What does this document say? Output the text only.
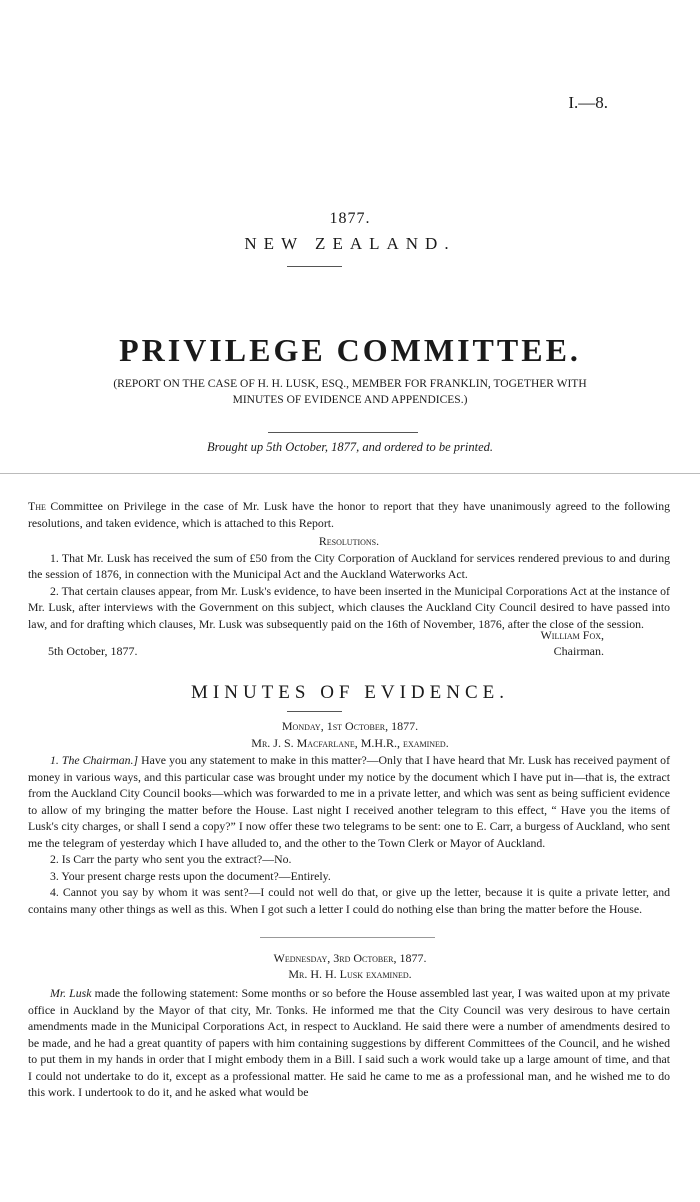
I.—8.
1877.
NEW ZEALAND.
PRIVILEGE COMMITTEE.
(REPORT ON THE CASE OF H. H. LUSK, ESQ., MEMBER FOR FRANKLIN, TOGETHER WITH
MINUTES OF EVIDENCE AND APPENDICES.)
Brought up 5th October, 1877, and ordered to be printed.

The Committee on Privilege in the case of Mr. Lusk have the honor to report that they have unanimously agreed to the following resolutions, and taken evidence, which is attached to this Report.

Resolutions.

1. That Mr. Lusk has received the sum of £50 from the City Corporation of Auckland for services rendered previous to and during the session of 1876, in connection with the Municipal Act and the Auckland Waterworks Act.

2. That certain clauses appear, from Mr. Lusk's evidence, to have been inserted in the Municipal Corporations Act at the instance of Mr. Lusk, after interviews with the Government on this subject, which clauses the Auckland City Council desired to have passed into law, and for drafting which clauses, Mr. Lusk was subsequently paid on the 16th of November, 1876, after the close of the session.

William Fox,
Chairman.
5th October, 1877.
MINUTES OF EVIDENCE.
Monday, 1st October, 1877.
Mr. J. S. Macfarlane, M.H.R., examined.

1. The Chairman.] Have you any statement to make in this matter?—Only that I have heard that Mr. Lusk has received payment of money in various ways, and this particular case was brought under my notice by the document which I have put in—that is, the extract from the Auckland City Council books—which was forwarded to me in a private letter, and which was sent as being sufficient evidence to allow of my bringing the matter before the House. Last night I received another telegram to this effect, “ Have you the items of Lusk's city charges, or shall I send a copy?” I now offer these two telegrams to be sent: one to E. Carr, a burgess of Auckland, who sent me the telegram of yesterday which I have alluded to, and the other to the Town Clerk or Mayor of Auckland.

2. Is Carr the party who sent you the extract?—No.

3. Your present charge rests upon the document?—Entirely.

4. Cannot you say by whom it was sent?—I could not well do that, or give up the letter, because it is quite a private letter, and contains many other things as well as this. When I got such a letter I could do nothing else than bring the matter before the House.

Wednesday, 3rd October, 1877.
Mr. H. H. Lusk examined.

Mr. Lusk made the following statement: Some months or so before the House assembled last year, I was waited upon at my private office in Auckland by the Mayor of that city, Mr. Tonks. He informed me that the City Council was very desirous to have certain amendments made in the Municipal Corporations Act, in respect to Auckland. He said there were a number of amendments desired to be made, and he had a great quantity of papers with him containing suggestions by different Committees of the Council, and he wished to put them in my hands in order that I might embody them in a Bill. I said such a work would take up a large amount of time, and that I could not undertake to do it, except as a professional matter. He said he came to me as a professional man, and he wished me to do this work. I undertook to do it, and he asked what would be
